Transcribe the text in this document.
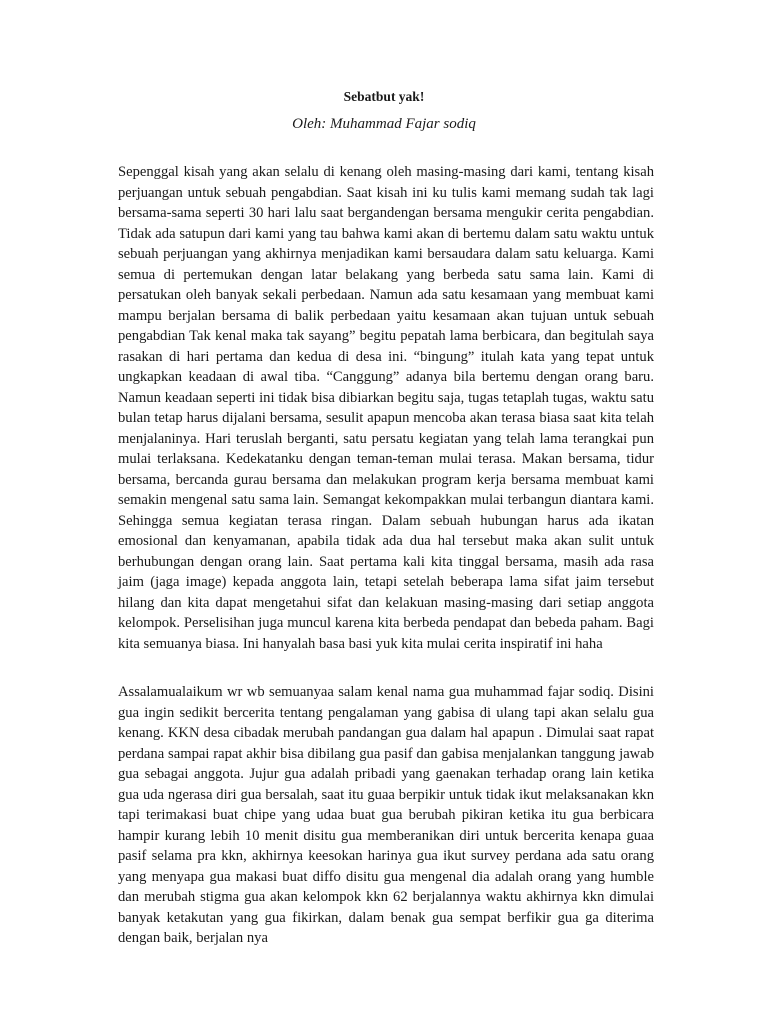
Sebatbut yak!
Oleh: Muhammad Fajar sodiq

Sepenggal kisah yang akan selalu di kenang oleh masing-masing dari kami, tentang kisah perjuangan untuk sebuah pengabdian. Saat kisah ini ku tulis kami memang sudah tak lagi bersama-sama seperti 30 hari lalu saat bergandengan bersama mengukir cerita pengabdian. Tidak ada satupun dari kami yang tau bahwa kami akan di bertemu dalam satu waktu untuk sebuah perjuangan yang akhirnya menjadikan kami bersaudara dalam satu keluarga. Kami semua di pertemukan dengan latar belakang yang berbeda satu sama lain. Kami di persatukan oleh banyak sekali perbedaan. Namun ada satu kesamaan yang membuat kami mampu berjalan bersama di balik perbedaan yaitu kesamaan akan tujuan untuk sebuah pengabdian Tak kenal maka tak sayang” begitu pepatah lama berbicara, dan begitulah saya rasakan di hari pertama dan kedua di desa ini. “bingung” itulah kata yang tepat untuk ungkapkan keadaan di awal tiba. “Canggung” adanya bila bertemu dengan orang baru. Namun keadaan seperti ini tidak bisa dibiarkan begitu saja, tugas tetaplah tugas, waktu satu bulan tetap harus dijalani bersama, sesulit apapun mencoba akan terasa biasa saat kita telah menjalaninya. Hari teruslah berganti, satu persatu kegiatan yang telah lama terangkai pun mulai terlaksana. Kedekatanku dengan teman-teman mulai terasa. Makan bersama, tidur bersama, bercanda gurau bersama dan melakukan program kerja bersama membuat kami semakin mengenal satu sama lain. Semangat kekompakkan mulai terbangun diantara kami. Sehingga semua kegiatan terasa ringan. Dalam sebuah hubungan harus ada ikatan emosional dan kenyamanan, apabila tidak ada dua hal tersebut maka akan sulit untuk berhubungan dengan orang lain. Saat pertama kali kita tinggal bersama, masih ada rasa jaim (jaga image) kepada anggota lain, tetapi setelah beberapa lama sifat jaim tersebut hilang dan kita dapat mengetahui sifat dan kelakuan masing-masing dari setiap anggota kelompok. Perselisihan juga muncul karena kita berbeda pendapat dan bebeda paham. Bagi kita semuanya biasa. Ini hanyalah basa basi yuk kita mulai cerita inspiratif ini haha

Assalamualaikum wr wb semuanyaa salam kenal nama gua muhammad fajar sodiq. Disini gua ingin sedikit bercerita tentang pengalaman yang gabisa di ulang tapi akan selalu gua kenang. KKN desa cibadak merubah pandangan gua dalam hal apapun . Dimulai saat rapat perdana sampai rapat akhir bisa dibilang gua pasif dan gabisa menjalankan tanggung jawab gua sebagai anggota. Jujur gua adalah pribadi yang gaenakan terhadap orang lain ketika gua uda ngerasa diri gua bersalah, saat itu guaa berpikir untuk tidak ikut melaksanakan kkn tapi terimakasi buat chipe yang udaa buat gua berubah pikiran ketika itu gua berbicara hampir kurang lebih 10 menit disitu gua memberanikan diri untuk bercerita kenapa guaa pasif selama pra kkn, akhirnya keesokan harinya gua ikut survey perdana ada satu orang yang menyapa gua makasi buat diffo disitu gua mengenal dia adalah orang yang humble dan merubah stigma gua akan kelompok kkn 62 berjalannya waktu akhirnya kkn dimulai banyak ketakutan yang gua fikirkan, dalam benak gua sempat berfikir gua ga diterima dengan baik, berjalan nya
